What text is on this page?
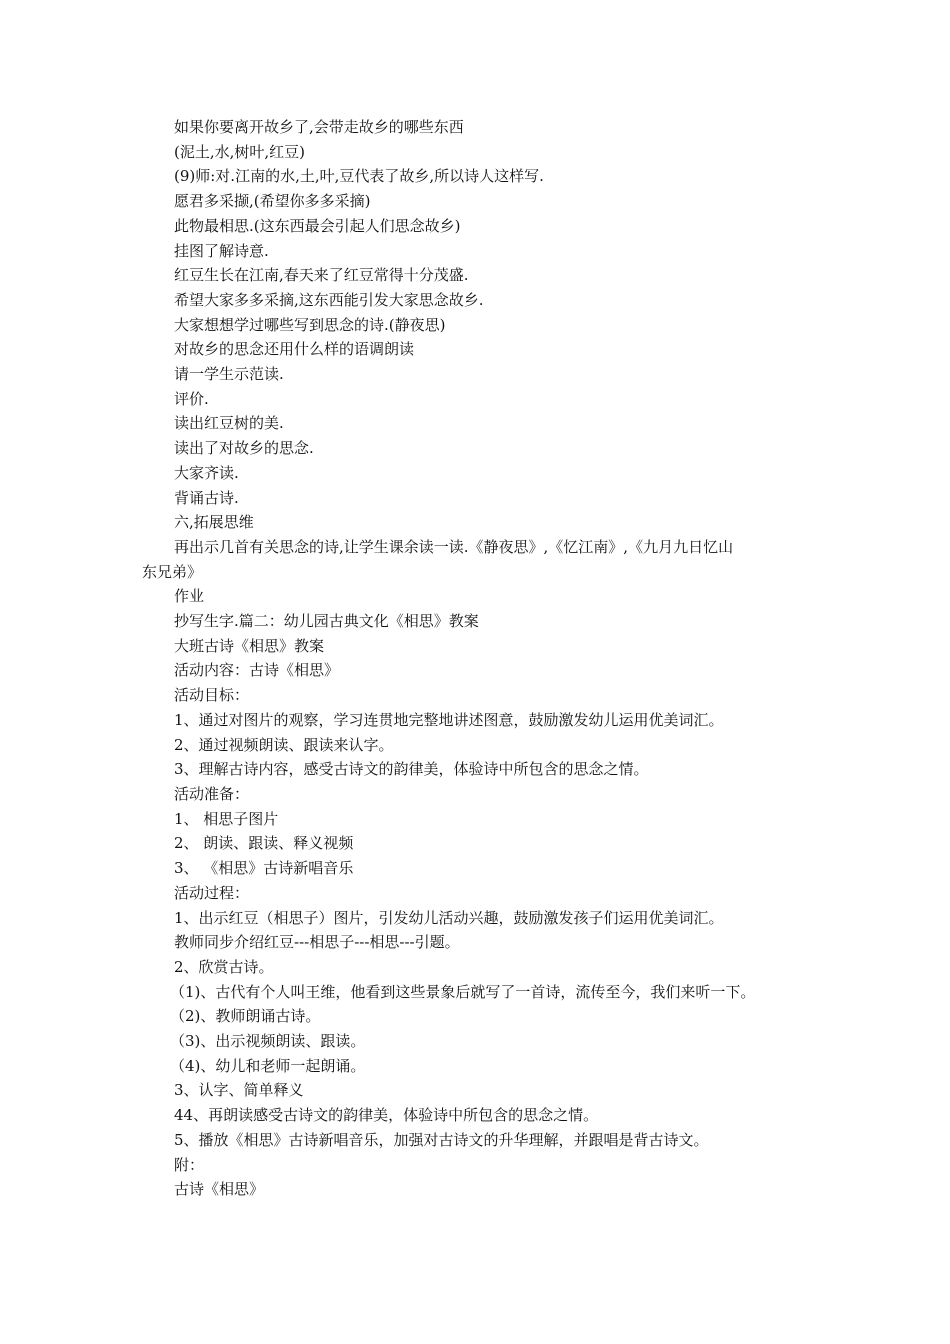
如果你要离开故乡了,会带走故乡的哪些东西

(泥土,水,树叶,红豆)

(9)师:对.江南的水,土,叶,豆代表了故乡,所以诗人这样写.

愿君多采撷,(希望你多多采摘)

此物最相思.(这东西最会引起人们思念故乡)

挂图了解诗意.

红豆生长在江南,春天来了红豆常得十分茂盛.

希望大家多多采摘,这东西能引发大家思念故乡.

大家想想学过哪些写到思念的诗.(静夜思)

对故乡的思念还用什么样的语调朗读

请一学生示范读.

评价.

读出红豆树的美.

读出了对故乡的思念.

大家齐读.

背诵古诗.

六,拓展思维

再出示几首有关思念的诗,让学生课余读一读.《静夜思》,《忆江南》,《九月九日忆山

东兄弟》

作业

抄写生字.篇二：幼儿园古典文化《相思》教案

大班古诗《相思》教案

活动内容：古诗《相思》

活动目标：

1、通过对图片的观察，学习连贯地完整地讲述图意，鼓励激发幼儿运用优美词汇。

2、通过视频朗读、跟读来认字。

3、理解古诗内容，感受古诗文的韵律美，体验诗中所包含的思念之情。

活动准备：

1、 相思子图片

2、 朗读、跟读、释义视频

3、 《相思》古诗新唱音乐

活动过程：

1、出示红豆（相思子）图片，引发幼儿活动兴趣，鼓励激发孩子们运用优美词汇。

教师同步介绍红豆---相思子---相思---引题。

2、欣赏古诗。

（1)、古代有个人叫王维，他看到这些景象后就写了一首诗，流传至今，我们来听一下。

（2)、教师朗诵古诗。

（3)、出示视频朗读、跟读。

（4)、幼儿和老师一起朗诵。

3、认字、简单释义

44、再朗读感受古诗文的韵律美，体验诗中所包含的思念之情。

5、播放《相思》古诗新唱音乐，加强对古诗文的升华理解，并跟唱是背古诗文。

附：

古诗《相思》
